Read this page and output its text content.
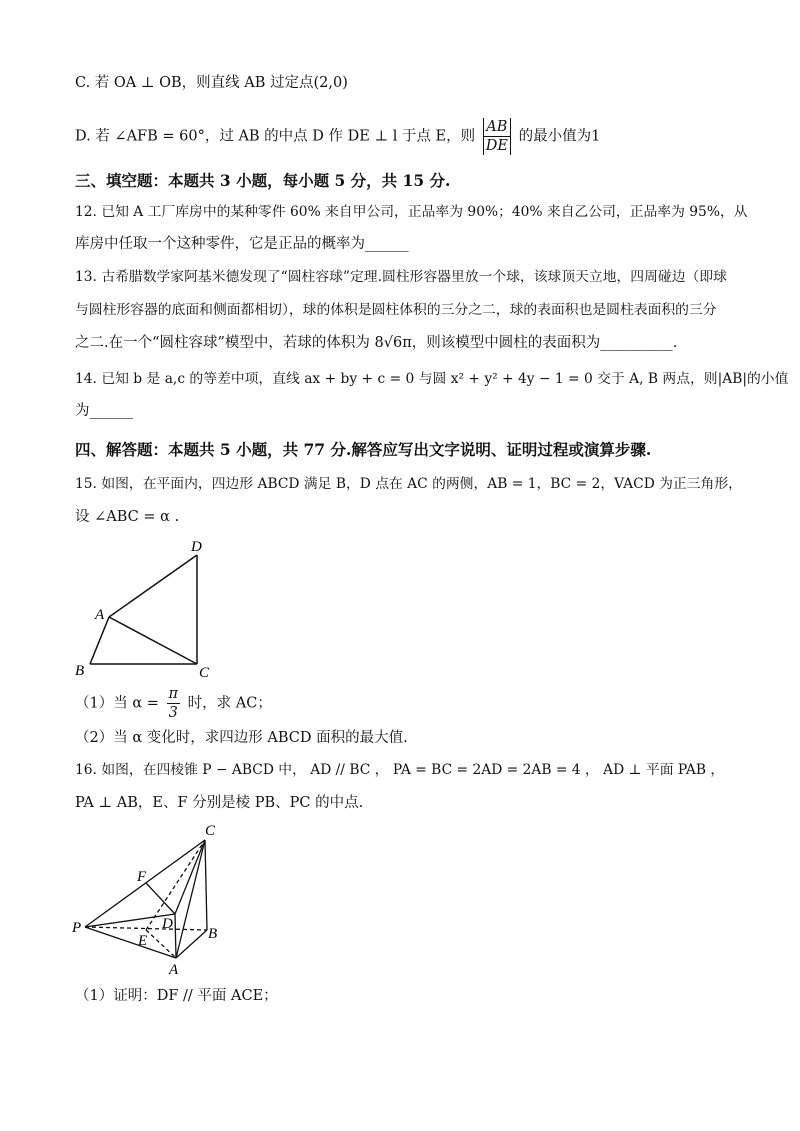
C. 若 OA ⊥ OB，则直线 AB 过定点(2,0)
D. 若 ∠AFB = 60°，过 AB 的中点 D 作 DE ⊥ l 于点 E，则 $\frac{AB}{DE}$ 的最小值为1
三、填空题：本题共 3 小题，每小题 5 分，共 15 分.
12. 已知 A 工厂库房中的某种零件 60% 来自甲公司，正品率为 90%；40% 来自乙公司，正品率为 95%，从
库房中任取一个这种零件，它是正品的概率为______
13. 古希腊数学家阿基米德发现了“圆柱容球”定理.圆柱形容器里放一个球，该球顶天立地，四周碰边（即球
与圆柱形容器的底面和侧面都相切），球的体积是圆柱体积的三分之二，球的表面积也是圆柱表面积的三分
之二.在一个“圆柱容球”模型中，若球的体积为 8√6π，则该模型中圆柱的表面积为__________.
14. 已知 b 是 a,c 的等差中项，直线 ax + by + c = 0 与圆 x² + y² + 4y − 1 = 0 交于 A, B 两点，则|AB|的小值
为______
四、解答题：本题共 5 小题，共 77 分.解答应写出文字说明、证明过程或演算步骤.
15. 如图，在平面内，四边形 ABCD 满足 B，D 点在 AC 的两侧，AB = 1，BC = 2，VACD 为正三角形，
设 ∠ABC = α .
D
A
B	C
C
F
P	D
B
E
A
（1）当 $\alpha = \frac{\pi}{3}$ 时，求 AC；
（2）当 α 变化时，求四边形 ABCD 面积的最大值.
16. 如图，在四棱锥 P − ABCD 中， AD // BC ， PA = BC = 2AD = 2AB = 4 ， AD ⊥ 平面 PAB ，
PA ⊥ AB，E、F 分别是棱 PB、PC 的中点.
（1）证明：DF // 平面 ACE；
